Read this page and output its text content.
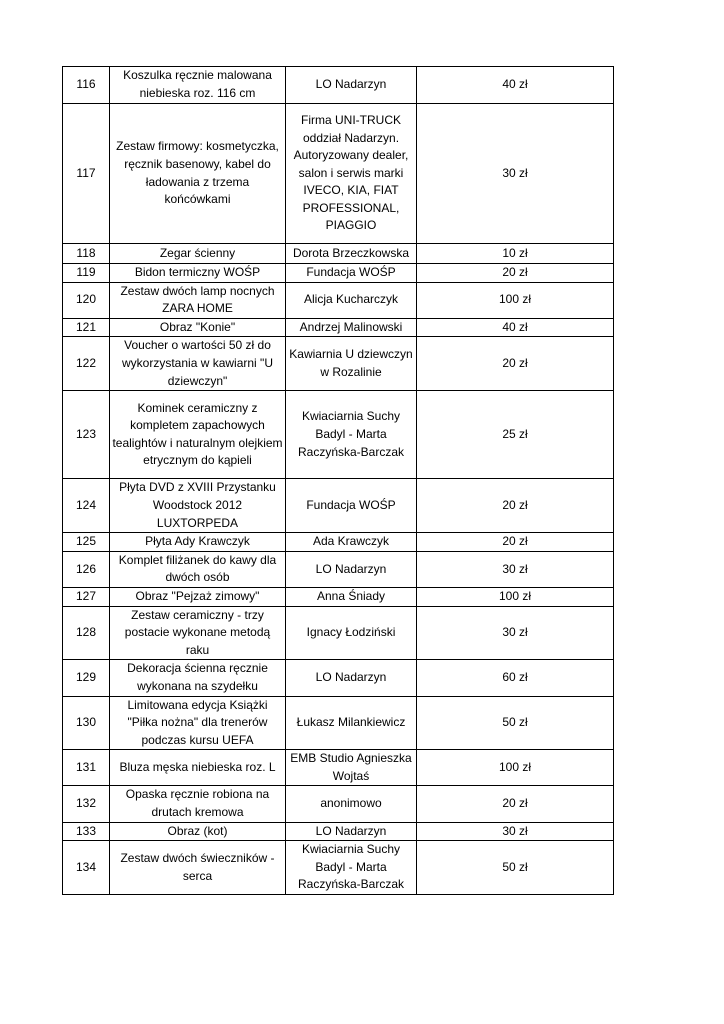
116	Koszulka ręcznie malowana niebieska roz. 116 cm	LO Nadarzyn	40 zł
117	Zestaw firmowy: kosmetyczka, ręcznik basenowy, kabel do ładowania z trzema końcówkami	Firma UNI-TRUCK oddział Nadarzyn. Autoryzowany dealer, salon i serwis marki IVECO, KIA, FIAT PROFESSIONAL, PIAGGIO	30 zł
118	Zegar ścienny	Dorota Brzeczkowska	10 zł
119	Bidon termiczny WOŚP	Fundacja WOŚP	20 zł
120	Zestaw dwóch lamp nocnych ZARA HOME	Alicja Kucharczyk	100 zł
121	Obraz "Konie"	Andrzej Malinowski	40 zł
122	Voucher o wartości 50 zł do wykorzystania w kawiarni "U dziewczyn"	Kawiarnia U dziewczyn w Rozalinie	20 zł
123	Kominek ceramiczny z kompletem zapachowych tealightów i naturalnym olejkiem etrycznym do kąpieli	Kwiaciarnia Suchy Badyl - Marta Raczyńska-Barczak	25 zł
124	Płyta DVD z XVIII Przystanku Woodstock 2012 LUXTORPEDA	Fundacja WOŚP	20 zł
125	Płyta Ady Krawczyk	Ada Krawczyk	20 zł
126	Komplet filiżanek do kawy dla dwóch osób	LO Nadarzyn	30 zł
127	Obraz "Pejzaż zimowy"	Anna Śniady	100 zł
128	Zestaw ceramiczny - trzy postacie wykonane metodą raku	Ignacy Łodziński	30 zł
129	Dekoracja ścienna ręcznie wykonana na szydełku	LO Nadarzyn	60 zł
130	Limitowana edycja Książki "Piłka nożna" dla trenerów podczas kursu UEFA	Łukasz Milankiewicz	50 zł
131	Bluza męska niebieska roz. L	EMB Studio Agnieszka Wojtaś	100 zł
132	Opaska ręcznie robiona na drutach kremowa	anonimowo	20 zł
133	Obraz (kot)	LO Nadarzyn	30 zł
134	Zestaw dwóch świeczników - serca	Kwiaciarnia Suchy Badyl - Marta Raczyńska-Barczak	50 zł
